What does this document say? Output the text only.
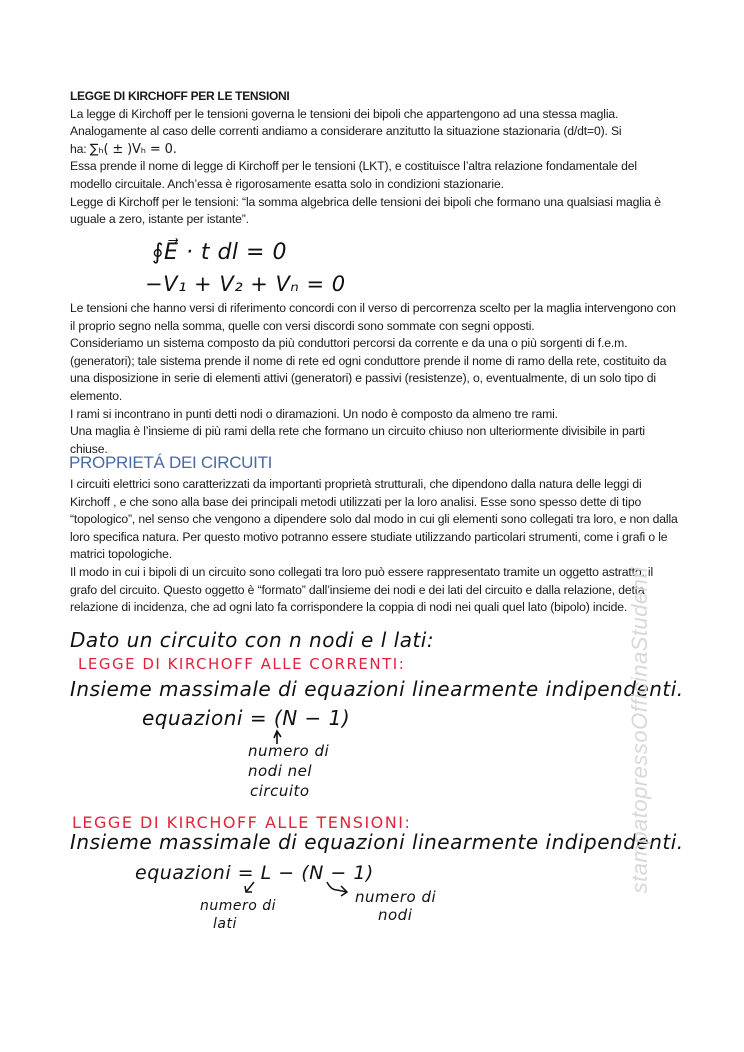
LEGGE DI KIRCHOFF PER LE TENSIONI
La legge di Kirchoff per le tensioni governa le tensioni dei bipoli che appartengono ad una stessa maglia.
Analogamente al caso delle correnti andiamo a considerare anzitutto la situazione stazionaria (d/dt=0). Si
ha: ∑ₕ( ± )Vₕ = 0.
Essa prende il nome di legge di Kirchoff per le tensioni (LKT), e costituisce l’altra relazione fondamentale del modello circuitale. Anch’essa è rigorosamente esatta solo in condizioni stazionarie.
Legge di Kirchoff per le tensioni: “la somma algebrica delle tensioni dei bipoli che formano una qualsiasi maglia è uguale a zero, istante per istante”.
∮E⃗ · t dl = 0
−V₁ + V₂ + Vₙ = 0
Le tensioni che hanno versi di riferimento concordi con il verso di percorrenza scelto per la maglia intervengono con il proprio segno nella somma, quelle con versi discordi sono sommate con segni opposti.
Consideriamo un sistema composto da più conduttori percorsi da corrente e da una o più sorgenti di f.e.m. (generatori); tale sistema prende il nome di rete ed ogni conduttore prende il nome di ramo della rete, costituito da una disposizione in serie di elementi attivi (generatori) e passivi (resistenze), o, eventualmente, di un solo tipo di elemento.
I rami si incontrano in punti detti nodi o diramazioni. Un nodo è composto da almeno tre rami.
Una maglia è l’insieme di più rami della rete che formano un circuito chiuso non ulteriormente divisibile in parti chiuse.
PROPRIETÁ DEI CIRCUITI
I circuiti elettrici sono caratterizzati da importanti proprietà strutturali, che dipendono dalla natura delle leggi di Kirchoff , e che sono alla base dei principali metodi utilizzati per la loro analisi. Esse sono spesso dette di tipo “topologico”, nel senso che vengono a dipendere solo dal modo in cui gli elementi sono collegati tra loro, e non dalla loro specifica natura. Per questo motivo potranno essere studiate utilizzando particolari strumenti, come i grafi o le matrici topologiche.
Il modo in cui i bipoli di un circuito sono collegati tra loro può essere rappresentato tramite un oggetto astratto: il grafo del circuito. Questo oggetto è “formato” dall’insieme dei nodi e dei lati del circuito e dalla relazione, detta relazione di incidenza, che ad ogni lato fa corrispondere la coppia di nodi nei quali quel lato (bipolo) incide.
Dato un circuito con n nodi e l lati:
LEGGE DI KIRCHOFF ALLE CORRENTI:
Insieme massimale di equazioni linearmente indipendenti.
equazioni = (N − 1)
numero di
nodi nel
circuito
LEGGE DI KIRCHOFF ALLE TENSIONI:
Insieme massimale di equazioni linearmente indipendenti.
equazioni = L − (N − 1)
numero di
lati
numero di
nodi
stampatopressoOfficinaStudenti
